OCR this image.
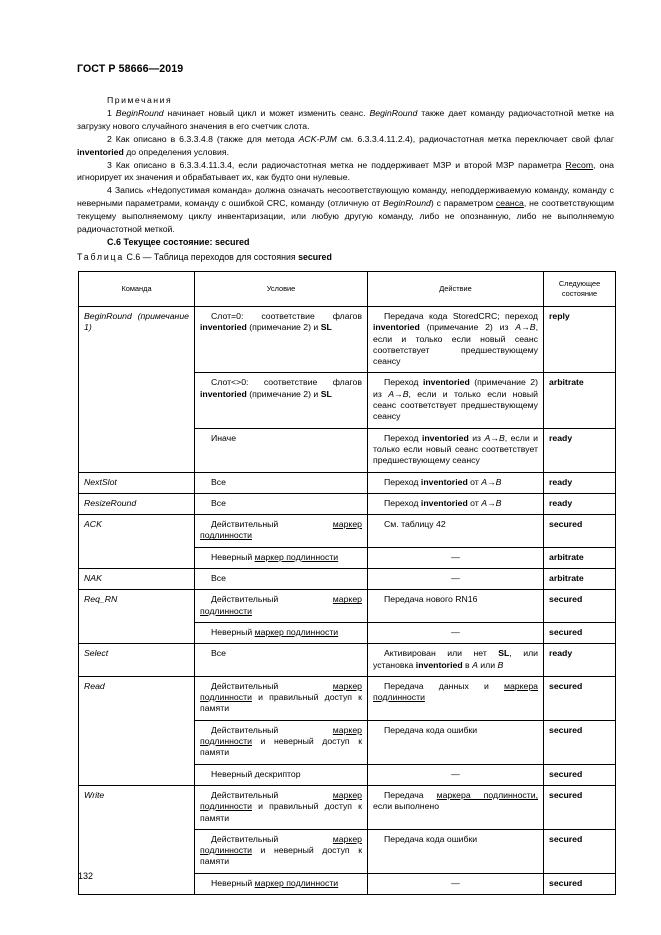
ГОСТ Р 58666—2019

Примечания

1 BeginRound начинает новый цикл и может изменить сеанс. BeginRound также дает команду радиочастотной метке на загрузку нового случайного значения в его счетчик слота.

2 Как описано в 6.3.3.4.8 (также для метода ACK-PJM см. 6.3.3.4.11.2.4), радиочастотная метка переключает свой флаг inventoried до определения условия.

3 Как описано в 6.3.3.4.11.3.4, если радиочастотная метка не поддерживает МЗР и второй МЗР параметра Recom, она игнорирует их значения и обрабатывает их, как будто они нулевые.

4 Запись «Недопустимая команда» должна означать несоответствующую команду, неподдерживаемую команду, команду с неверными параметрами, команду с ошибкой CRC, команду (отличную от BeginRound) с параметром сеанса, не соответствующим текущему выполняемому циклу инвентаризации, или любую другую команду, либо не опознанную, либо не выполняемую радиочастотной меткой.

С.6 Текущее состояние: secured
Таблица С.6 — Таблица переходов для состояния secured
Команда	Условие	Действие	Следующее состояние
BeginRound (примечание 1)	Слот=0: соответствие флагов inventoried (примечание 2) и SL	Передача кода StoredCRC; переход inventoried (примечание 2) из A→B, если и только если новый сеанс соответствует предшествующему сеансу	reply

	Слот<>0: соответствие флагов inventoried (примечание 2) и SL	Переход inventoried (примечание 2) из A→B, если и только если новый сеанс соответствует предшествующему сеансу	arbitrate

	Иначе	Переход inventoried из A→B, если и только если новый сеанс соответствует предшествующему сеансу	ready
NextSlot	Все	Переход inventoried от A→B	ready
ResizeRound	Все	Переход inventoried от A→B	ready
ACK	Действительный маркер подлинности	См. таблицу 42	secured

	Неверный маркер подлинности	—	arbitrate
NAK	Все	—	arbitrate
Req_RN	Действительный маркер подлинности	Передача нового RN16	secured

	Неверный маркер подлинности	—	secured
Select	Все	Активирован или нет SL, или установка inventoried в A или B	ready
Read	Действительный маркер подлинности и правильный доступ к памяти	Передача данных и маркера подлинности	secured

	Действительный маркер подлинности и неверный доступ к памяти	Передача кода ошибки	secured

	Неверный дескриптор	—	secured
Write	Действительный маркер подлинности и правильный доступ к памяти	Передача маркера подлинности, если выполнено	secured

	Действительный маркер подлинности и неверный доступ к памяти	Передача кода ошибки	secured

	Неверный маркер подлинности	—	secured
132
